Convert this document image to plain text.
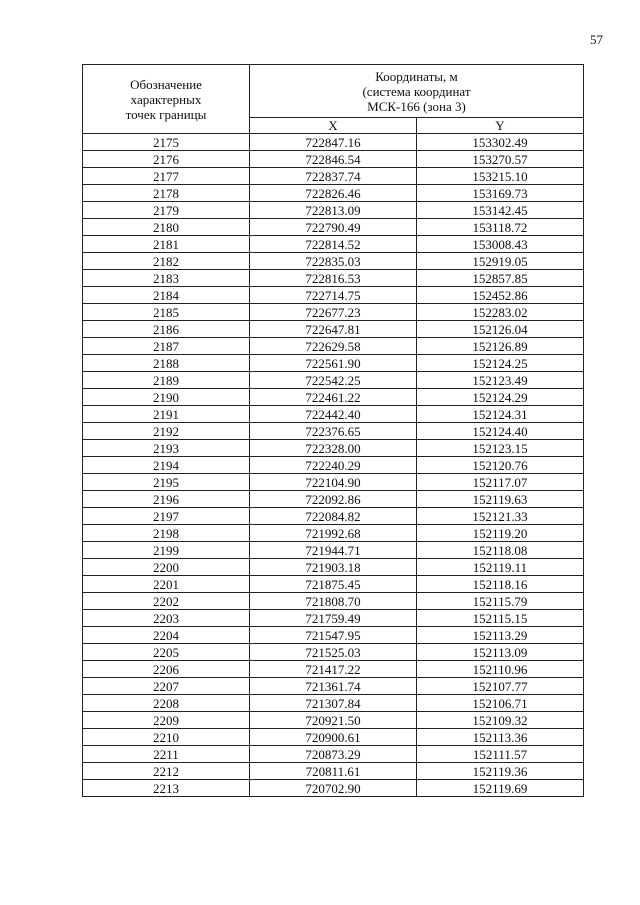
57
Обозначение
характерных
точек границы	Координаты, м
(система координат
МСК-166 (зона 3)	

	X	Y
2175	722847.16	153302.49
2176	722846.54	153270.57
2177	722837.74	153215.10
2178	722826.46	153169.73
2179	722813.09	153142.45
2180	722790.49	153118.72
2181	722814.52	153008.43
2182	722835.03	152919.05
2183	722816.53	152857.85
2184	722714.75	152452.86
2185	722677.23	152283.02
2186	722647.81	152126.04
2187	722629.58	152126.89
2188	722561.90	152124.25
2189	722542.25	152123.49
2190	722461.22	152124.29
2191	722442.40	152124.31
2192	722376.65	152124.40
2193	722328.00	152123.15
2194	722240.29	152120.76
2195	722104.90	152117.07
2196	722092.86	152119.63
2197	722084.82	152121.33
2198	721992.68	152119.20
2199	721944.71	152118.08
2200	721903.18	152119.11
2201	721875.45	152118.16
2202	721808.70	152115.79
2203	721759.49	152115.15
2204	721547.95	152113.29
2205	721525.03	152113.09
2206	721417.22	152110.96
2207	721361.74	152107.77
2208	721307.84	152106.71
2209	720921.50	152109.32
2210	720900.61	152113.36
2211	720873.29	152111.57
2212	720811.61	152119.36
2213	720702.90	152119.69
